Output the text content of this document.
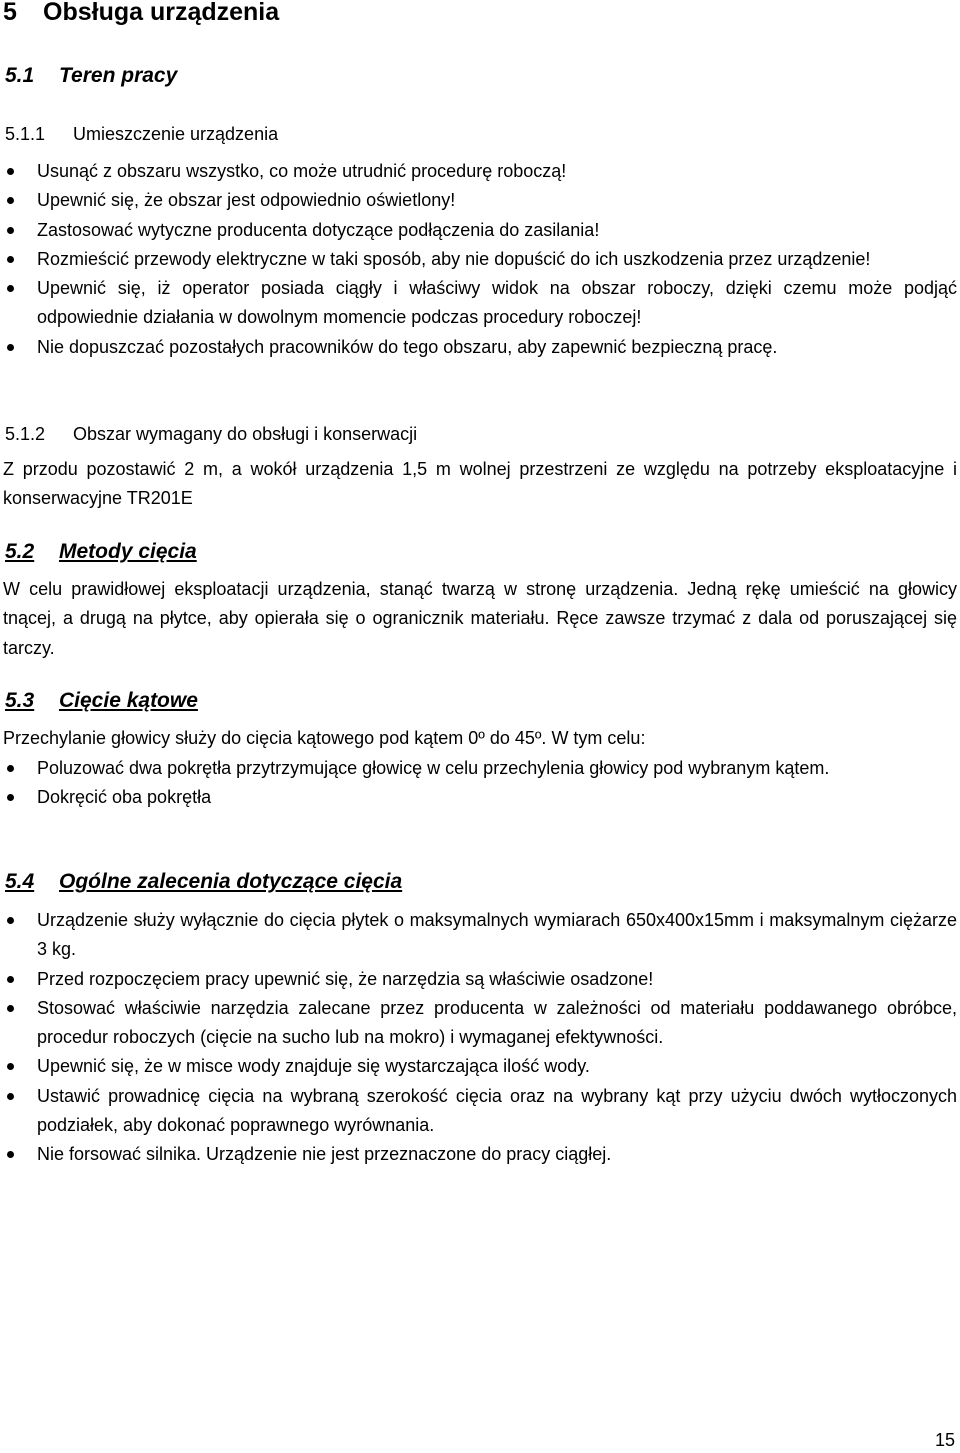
5 Obsługa urządzenia
5.1 Teren pracy
5.1.1 Umieszczenie urządzenia
Usunąć z obszaru wszystko, co może utrudnić procedurę roboczą!
Upewnić się, że obszar jest odpowiednio oświetlony!
Zastosować wytyczne producenta dotyczące podłączenia do zasilania!
Rozmieścić przewody elektryczne w taki sposób, aby nie dopuścić do ich uszkodzenia przez urządzenie!
Upewnić się, iż operator posiada ciągły i właściwy widok na obszar roboczy, dzięki czemu może podjąć odpowiednie działania w dowolnym momencie podczas procedury roboczej!
Nie dopuszczać pozostałych pracowników do tego obszaru, aby zapewnić bezpieczną pracę.
5.1.2 Obszar wymagany do obsługi i konserwacji

Z przodu pozostawić 2 m, a wokół urządzenia 1,5 m wolnej przestrzeni ze względu na potrzeby eksploatacyjne i konserwacyjne TR201E

5.2 Metody cięcia

W celu prawidłowej eksploatacji urządzenia, stanąć twarzą w stronę urządzenia. Jedną rękę umieścić na głowicy tnącej, a drugą na płytce, aby opierała się o ogranicznik materiału. Ręce zawsze trzymać z dala od poruszającej się tarczy.

5.3 Cięcie kątowe

Przechylanie głowicy służy do cięcia kątowego pod kątem 0º do 45º. W tym celu:

Poluzować dwa pokrętła przytrzymujące głowicę w celu przechylenia głowicy pod wybranym kątem.
Dokręcić oba pokrętła
5.4 Ogólne zalecenia dotyczące cięcia
Urządzenie służy wyłącznie do cięcia płytek o maksymalnych wymiarach 650x400x15mm i maksymalnym ciężarze 3 kg.
Przed rozpoczęciem pracy upewnić się, że narzędzia są właściwie osadzone!
Stosować właściwie narzędzia zalecane przez producenta w zależności od materiału poddawanego obróbce, procedur roboczych (cięcie na sucho lub na mokro) i wymaganej efektywności.
Upewnić się, że w misce wody znajduje się wystarczająca ilość wody.
Ustawić prowadnicę cięcia na wybraną szerokość cięcia oraz na wybrany kąt przy użyciu dwóch wytłoczonych podziałek, aby dokonać poprawnego wyrównania.
Nie forsować silnika. Urządzenie nie jest przeznaczone do pracy ciągłej.
15
